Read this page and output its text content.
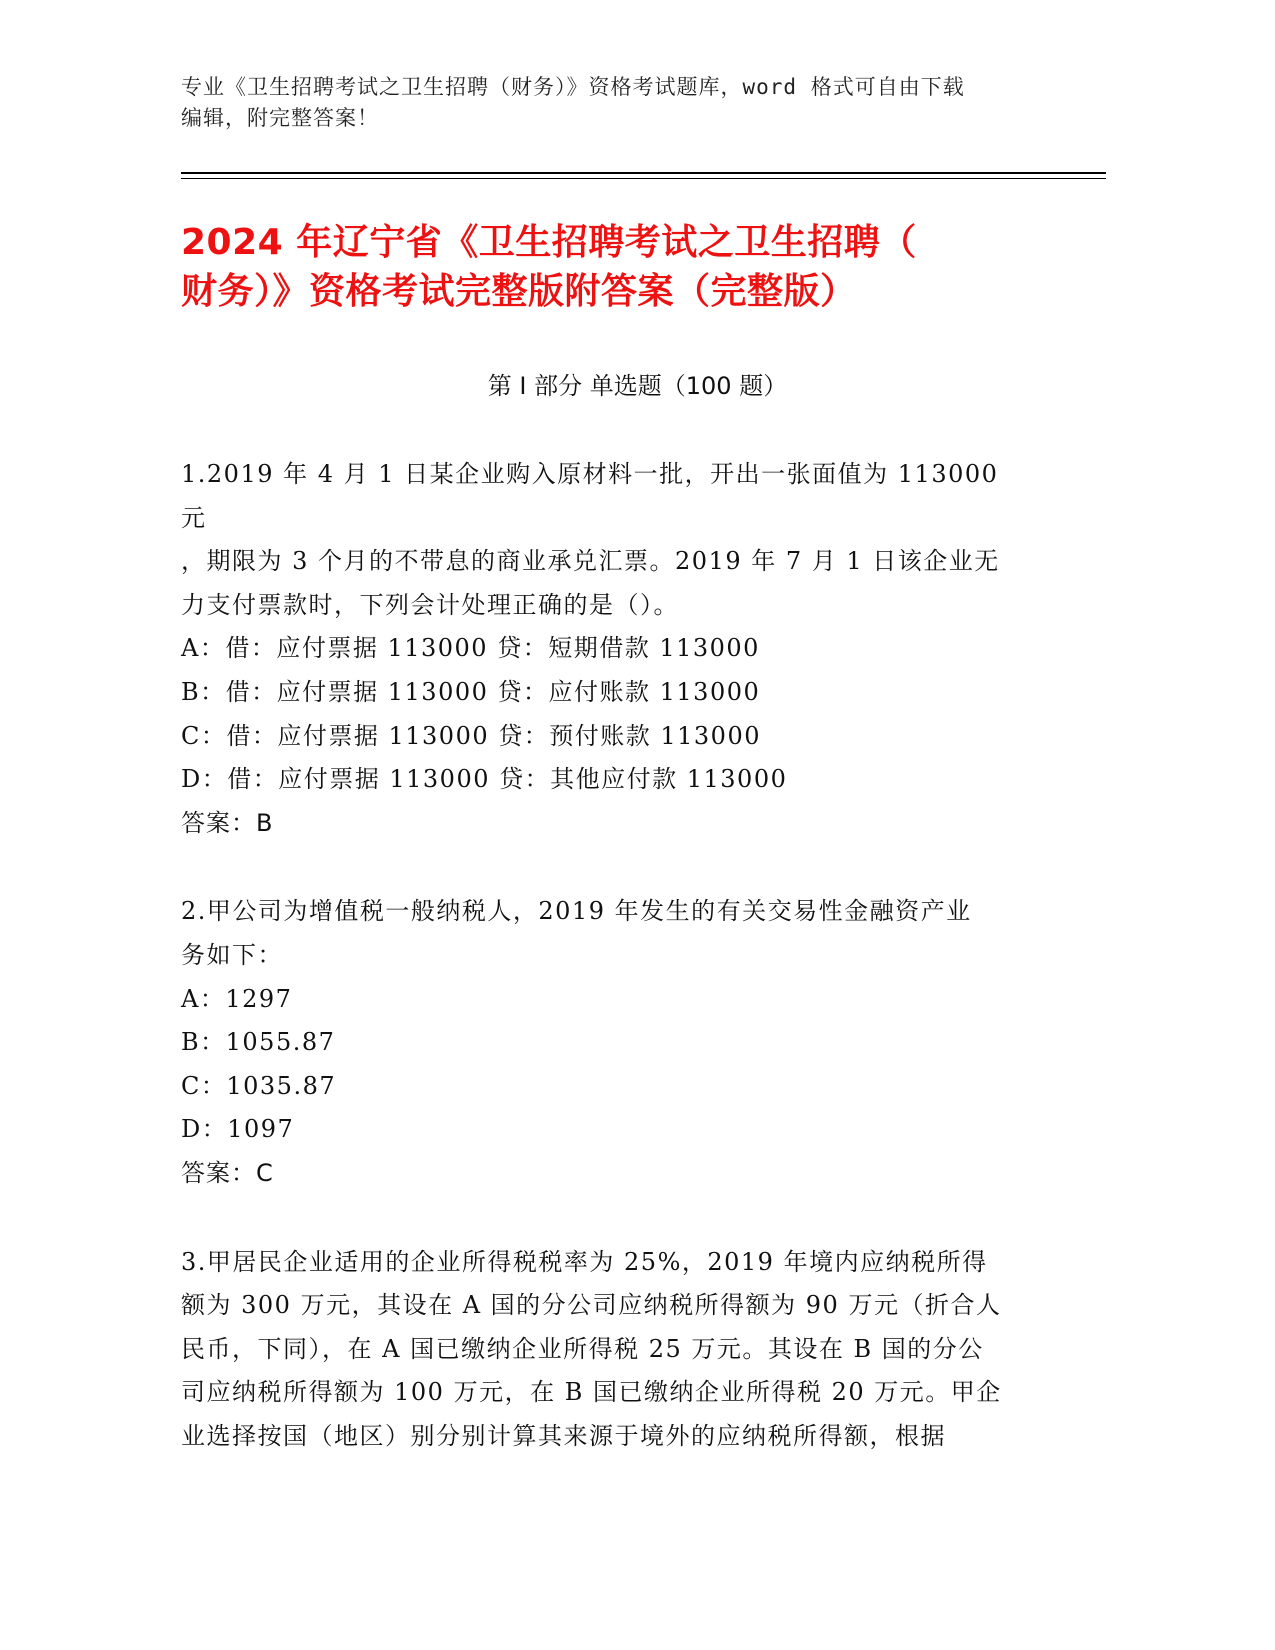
专业《卫生招聘考试之卫生招聘（财务）》资格考试题库，word 格式可自由下载
编辑，附完整答案！
2024 年辽宁省《卫生招聘考试之卫生招聘（
财务）》资格考试完整版附答案（完整版）
第 I 部分 单选题（100 题）
1.2019 年 4 月 1 日某企业购入原材料一批，开出一张面值为 113000 元
，期限为 3 个月的不带息的商业承兑汇票。2019 年 7 月 1 日该企业无
力支付票款时，下列会计处理正确的是（）。
A：借：应付票据 113000 贷：短期借款 113000
B：借：应付票据 113000 贷：应付账款 113000
C：借：应付票据 113000 贷：预付账款 113000
D：借：应付票据 113000 贷：其他应付款 113000
答案：B
2.甲公司为增值税一般纳税人，2019 年发生的有关交易性金融资产业
务如下：
A：1297
B：1055.87
C：1035.87
D：1097
答案：C
3.甲居民企业适用的企业所得税税率为 25%，2019 年境内应纳税所得
额为 300 万元，其设在 A 国的分公司应纳税所得额为 90 万元（折合人
民币，下同），在 A 国已缴纳企业所得税 25 万元。其设在 B 国的分公
司应纳税所得额为 100 万元，在 B 国已缴纳企业所得税 20 万元。甲企
业选择按国（地区）别分别计算其来源于境外的应纳税所得额，根据
